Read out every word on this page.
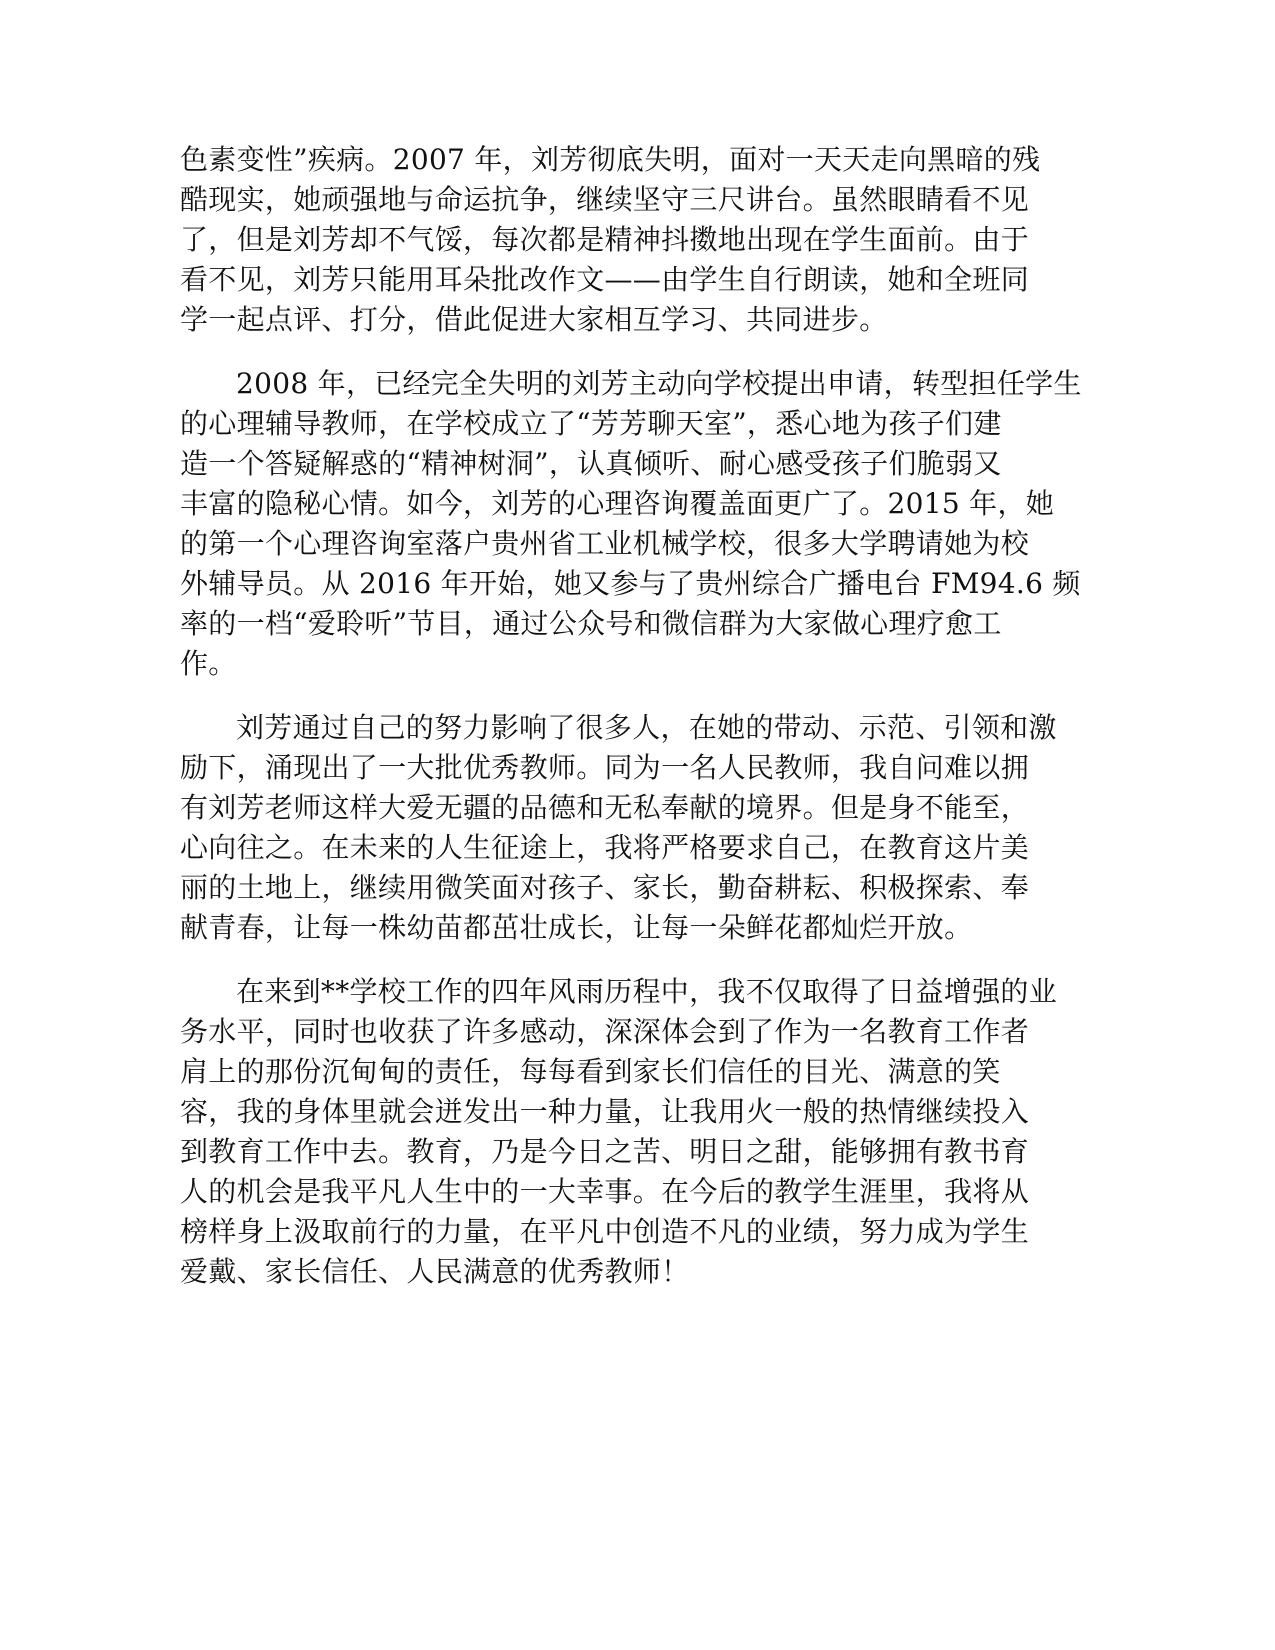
色素变性”疾病。2007 年，刘芳彻底失明，面对一天天走向黑暗的残
酷现实，她顽强地与命运抗争，继续坚守三尺讲台。虽然眼睛看不见
了，但是刘芳却不气馁，每次都是精神抖擞地出现在学生面前。由于
看不见，刘芳只能用耳朵批改作文——由学生自行朗读，她和全班同
学一起点评、打分，借此促进大家相互学习、共同进步。

2008 年，已经完全失明的刘芳主动向学校提出申请，转型担任学生
的心理辅导教师，在学校成立了“芳芳聊天室”，悉心地为孩子们建
造一个答疑解惑的“精神树洞”，认真倾听、耐心感受孩子们脆弱又
丰富的隐秘心情。如今，刘芳的心理咨询覆盖面更广了。2015 年，她
的第一个心理咨询室落户贵州省工业机械学校，很多大学聘请她为校
外辅导员。从 2016 年开始，她又参与了贵州综合广播电台 FM94.6 频
率的一档“爱聆听”节目，通过公众号和微信群为大家做心理疗愈工
作。

刘芳通过自己的努力影响了很多人，在她的带动、示范、引领和激
励下，涌现出了一大批优秀教师。同为一名人民教师，我自问难以拥
有刘芳老师这样大爱无疆的品德和无私奉献的境界。但是身不能至，
心向往之。在未来的人生征途上，我将严格要求自己，在教育这片美
丽的土地上，继续用微笑面对孩子、家长，勤奋耕耘、积极探索、奉
献青春，让每一株幼苗都茁壮成长，让每一朵鲜花都灿烂开放。

在来到**学校工作的四年风雨历程中，我不仅取得了日益增强的业
务水平，同时也收获了许多感动，深深体会到了作为一名教育工作者
肩上的那份沉甸甸的责任，每每看到家长们信任的目光、满意的笑
容，我的身体里就会迸发出一种力量，让我用火一般的热情继续投入
到教育工作中去。教育，乃是今日之苦、明日之甜，能够拥有教书育
人的机会是我平凡人生中的一大幸事。在今后的教学生涯里，我将从
榜样身上汲取前行的力量，在平凡中创造不凡的业绩，努力成为学生
爱戴、家长信任、人民满意的优秀教师！
